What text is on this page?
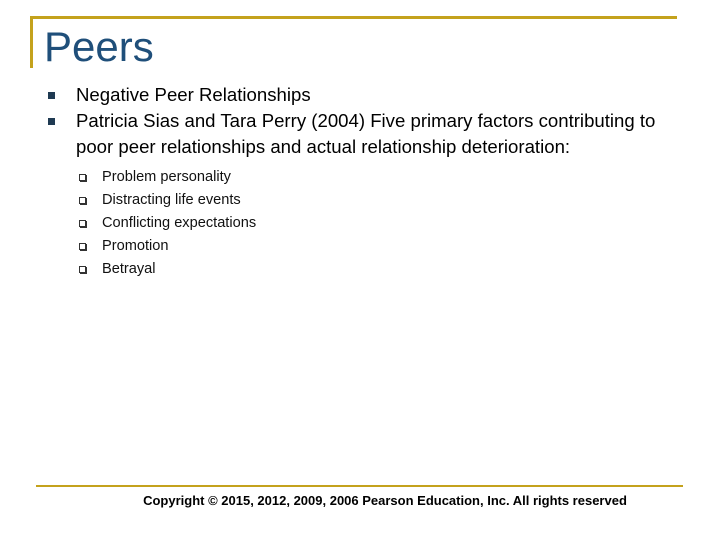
Peers
Negative Peer Relationships
Patricia Sias and Tara Perry (2004) Five primary factors contributing to poor peer relationships and actual relationship deterioration:
Problem personality
Distracting life events
Conflicting expectations
Promotion
Betrayal
Copyright © 2015, 2012, 2009, 2006 Pearson Education, Inc. All rights reserved
